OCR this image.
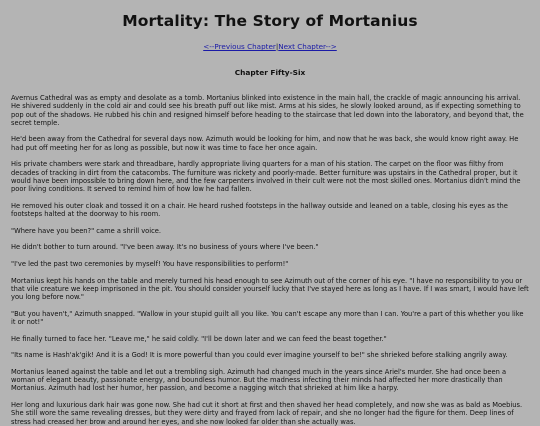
Mortality: The Story of Mortanius
<--Previous Chapter|Next Chapter-->
Chapter Fifty-Six

Avernus Cathedral was as empty and desolate as a tomb. Mortanius blinked into existence in the main hall, the crackle of magic announcing his arrival. He shivered suddenly in the cold air and could see his breath puff out like mist. Arms at his sides, he slowly looked around, as if expecting something to pop out of the shadows. He rubbed his chin and resigned himself before heading to the staircase that led down into the laboratory, and beyond that, the secret temple.

He'd been away from the Cathedral for several days now. Azimuth would be looking for him, and now that he was back, she would know right away. He had put off meeting her for as long as possible, but now it was time to face her once again.

His private chambers were stark and threadbare, hardly appropriate living quarters for a man of his station. The carpet on the floor was filthy from decades of tracking in dirt from the catacombs. The furniture was rickety and poorly-made. Better furniture was upstairs in the Cathedral proper, but it would have been impossible to bring down here, and the few carpenters involved in their cult were not the most skilled ones. Mortanius didn't mind the poor living conditions. It served to remind him of how low he had fallen.

He removed his outer cloak and tossed it on a chair. He heard rushed footsteps in the hallway outside and leaned on a table, closing his eyes as the footsteps halted at the doorway to his room.

"Where have you been?" came a shrill voice.

He didn't bother to turn around. "I've been away. It's no business of yours where I've been."

"I've led the past two ceremonies by myself! You have responsibilities to perform!"

Mortanius kept his hands on the table and merely turned his head enough to see Azimuth out of the corner of his eye. "I have no responsibility to you or that vile creature we keep imprisoned in the pit. You should consider yourself lucky that I've stayed here as long as I have. If I was smart, I would have left you long before now."

"But you haven't," Azimuth snapped. "Wallow in your stupid guilt all you like. You can't escape any more than I can. You're a part of this whether you like it or not!"

He finally turned to face her. "Leave me," he said coldly. "I'll be down later and we can feed the beast together."

"Its name is Hash'ak'gik! And it is a God! It is more powerful than you could ever imagine yourself to be!" she shrieked before stalking angrily away.

Mortanius leaned against the table and let out a trembling sigh. Azimuth had changed much in the years since Ariel's murder. She had once been a woman of elegant beauty, passionate energy, and boundless humor. But the madness infecting their minds had affected her more drastically than Mortanius. Azimuth had lost her humor, her passion, and become a nagging witch that shrieked at him like a harpy.

Her long and luxurious dark hair was gone now. She had cut it short at first and then shaved her head completely, and now she was as bald as Moebius. She still wore the same revealing dresses, but they were dirty and frayed from lack of repair, and she no longer had the figure for them. Deep lines of stress had creased her brow and around her eyes, and she now looked far older than she actually was.
